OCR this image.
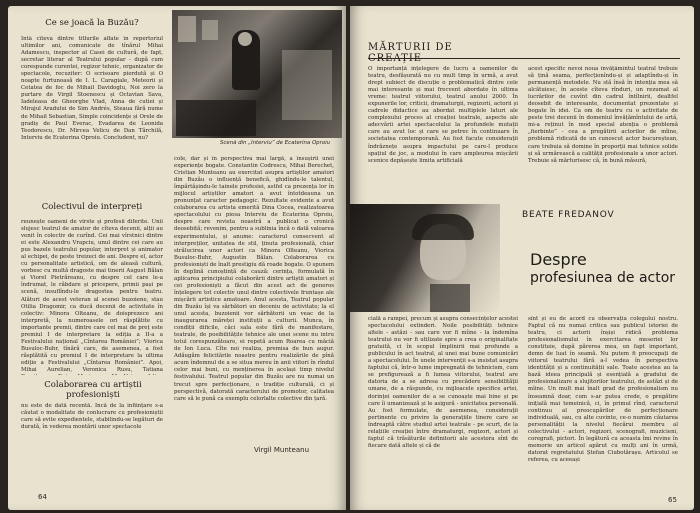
Ce se joacă la Buzău?
Intâ cîteva dintre titlurile aflate în repertoriul ultimilor ani, comunicate de tînărul Mihai Adamescu, inspector al Casei de cultură, de fapt, secretar literar al Teatrului popular ‑ după cum corespunde curentei, regizor tehnic, organizator de spectacole, recuziter: O scrisoare pierdută și O noapte furtunoasă de I. L. Caragiale, Meteorii și Cetatea de foc de Mihail Davidoglu, Noi zero la purtare de Virgil Stoenescu și Octavian Sava, Iadeleasa de Gheorghe Vlad, Anna de cutiei și Mirajul Aradului de Sim Andrés, Steaua fără nume de Mihail Sebastian, Simple coincidențe și Orele de gradiș de Paul Everac, Evadarea de Leonida Teodorescu, Dr. Mircea Velicu de Dan Tărchilă, Interviu de Ecaterina Oproiu. Concludent, nu?
Colectivul de interpreți
reunește oameni de vîrste și profesii diferite. Unii slujesc teatrul de amator de cîteva decenii, alții au venit în colectiv de curînd. Cei mai vîrstnici dintre ei este Alexandru Vrapciu, unul dintre cei care au pus bazele teatrului popular, interpret și animator al echipei, de peste treizeci de ani. Despre el, actor cu personalitate artistică, om de aleasă cultură, vorbesc cu multă dragoste mai tinerii August Bălan și Viorel Pietrăreanu, cu despre cel care le-a îndrumat, le răbdare și pricepere, primii pași pe scenă, insuflîndu-le dragostea pentru teatru. Alături de acest veteran al scenei buzoiene, stau Otilia Dragomir, ca ducă decenii de activitate în colectiv: Minora Olteanu, de doisprezece ani interpretă, la numeroasele ori răsplătite cu importante premii, dintre care cel mai de preț este premiul I de interpretare la ediția a II-a a Festivalului național „Cîntarea României”; Viorica Busuloc-Buhr, tînără care, de asemenea, a fost răsplătită cu premiul I de interpretare la ultima ediție a Festivalului „Cîntarea României”. Apoi, Mihai Aurelian, Veronica Rusu, Tatiana
Colaborarea cu artiștii profesioniști
nu este de dată recentă. Încă de la înființare s-a căutat o modalitate de conlucrare cu profesioniștii care să evite expedientele, stabilindu-se legături de durată, în vederea montării unor spectacole
Scenă din „Interviu” de Ecaterina Oproiu
cole, dar și în perspectiva mai largă, a însușirii unei experiențe bogate. Constantin Codrescu, Mihai Berechet, Cristian Munteanu au exercitat asupra artiștilor amatori din Buzău o influență benefică, ghidîndu-le talentul, împărtășindu-le tainele profesiei, astfel ca prezența lor în mijlocul artiștilor amatori a avut întotdeauna un pronunțat caracter pedagogic. Rezultate evidente a avut colaborarea cu artista emerită Dina Cocea, realizatoarea spectacolului cu piesa Interviu de Ecaterina Oproiu, despre care revista noastră a publicat o cronică deosebită; revenim, pentru a sublinia încă o dată valoarea experimentului, și anume: caracterul consecvent al interpreților, unitatea de stil, ținuta profesională, chiar strălucirea unor actori ca Minora Olteanu, Viorica Busuloc-Buhr, Augustin Bălan. Colaborarea cu profesioniști de înalt prestigiu dă roade bogate. O spunem în deplină cunoștință de cauză: cerința, formulată în aplicarea principiului colaborării dintre artiștii amatori și cei profesioniști a făcut din acest act de generos înțelegere tot colectiv unul dintre colectivele fruntașe ale mișcării artistice amatoare. Anul acesta, Teatrul popular din Buzău își va sărbători un deceniu de activitate; la el unul acesta, buzoienii vor sărbătorii un veac de la inaugurarea măreței instituții a culturii. Munca, în condiții dificile, căci sala este fără de manifestare, teatrale, de posibilitățile tehnice ale unei scene nu intru totul corespunzătoare, ei repetă acum Roarea cu măciă de Ion Luca. Cîte noi realiza, premisa de bun augur. Adăugăm felicitările noastre pentru realizările de pînă acum îndemnul de a se situa mereu în anii viitori în rîndul celor mai buni, cu menținerea în același timp nivelul festivalului. Teatrul popular din Buzău are nu numai un trecut spre perfecționare, o tradiție culturală, ci și perspectivă, datorată caracterului de promotor, calitatea care să le pună ca exemplu celorlalte colective din țară.
Virgil Munteanu
64
MĂRTURII DE
O importanță înțelegere de lucru a oamenilor de teatru, desfășurată nu cu mult timp în urmă, a avut drept subiect de discuție o problematică dintre cele mai interesante și mai frecvent abordate în ultima vreme: teatrul viitorului, teatrul anului 2000. În expunerile lor, criticii, dramaturgii, regizorii, actorii și cadrele didactice au abordat multiplele laturi ale complexului proces al creației teatrale, aspecte ale adecvării artei spectacolului la profundele mutații care au avut loc și care se petrec în continuare în societatea contemporană. Au fost facute considerații îndrăznețe asupra impactului pe care-l produce spațiul de joc, a modului în care ampleurea mișcării scenice depășește limita artificială
acest specific nevoi noua învățămîntul teatral trebuie să țină seama, perfecționîndu-și și adaptîndu-și în permanență metodele. Nu stă însă în intenția mea să alcătuiesc, în aceste cîteva rînduri, un rezumat al lucrărilor de cuvînt din cadrul întîlnirii, dealtfel deosebit de interesante, documentat prezentate și bogate în idei. Ca om de teatru cu o activitate de peste trei decenii în domeniul învățămîntului de artă, mi-a reținut în mod special atenția o problemă „fierbinte” ‑ cea a pregătirii actorilor de mîine, problemă ridicată de un cunoscut actor bucureștean, care trebuia să domine în proporții mai tehnice solide și să urmărească a calității profesionale a unor actori. Trebuie să mărturisesc că, în bună măsură,
BEATE FREDANOV
Despre
profesiunea de actor
cială a rampei, precum și asupra consecințelor acestei spectacolului extinderi. Noile posibilități tehnice altele ‑ astăzi ‑ sau care vor fi mîine ‑ la îndemîna teatrului nu vor fi utilizate spre a crea o originalitate gratuită, ci în scopul împlinirii mai profunde a publicului în act teatral, al unei mai bune comunicări a spectacolului. În unele intervenții s-a insistat asupra faptului că, într-o lume impregnată de tehnicism, cum se prefigurează a fi lumea viitorului, teatrul are datoria de a se adresa cu precădere sensibilității umane, de a răspunde, cu mijloacele specifice artei, dorinței oamenilor de a se cunoaște mai bine și pe care îi umanizează și le asigură ‑ unicitatea personală. Au fost formulate, de asemenea, considerații pertinente cu privire la generațiile tinere care se îndreaptă către studiul artei teatrale ‑ pe scurt, de la relațiile creației între dramaturgi, regizori, actori și faptul că trăsăturile definitorii ale acestora sînt de fiecare dată altele și că de
sînt și eu de acord cu observația colegului nostru. Faptul că nu numai critica sau publicul istoriei de teatru, ci actorii înșiși ridică problema profesionalismului în exercitarea meseriei lor constituie, după părerea mea, un fapt important, demn de luat în seamă. Nu putem fi preocupați de viitorul teatrului fără a-l vedea în perspectiva identității și a continuității sale. Toate acestea au la bază ideea principală și esențială a gradului de profesionalizare a slujitorilor teatrului, de astăzi și de mîine. Un mult mai înalt grad de profesionalism nu înseamnă doar, cum s-ar putea crede, o pregătire inițială mai temeinică, ci, în primul rînd, caracterul continuu al preocupărilor de perfecționare individuală, sau, cu alte cuvinte, ce-o numim căutarea personalității la nivelul fiecărui membru al colectivului ‑ actori, regizori, scenografi, muzicieni, coregrafi, pictori. În legătură cu aceasta îmi revine în memorie un articol apărut cu mulți ani în urmă, datorat regretatului Ștefan Ciubotărașu. Articolul se referea, cu aceeași
65
